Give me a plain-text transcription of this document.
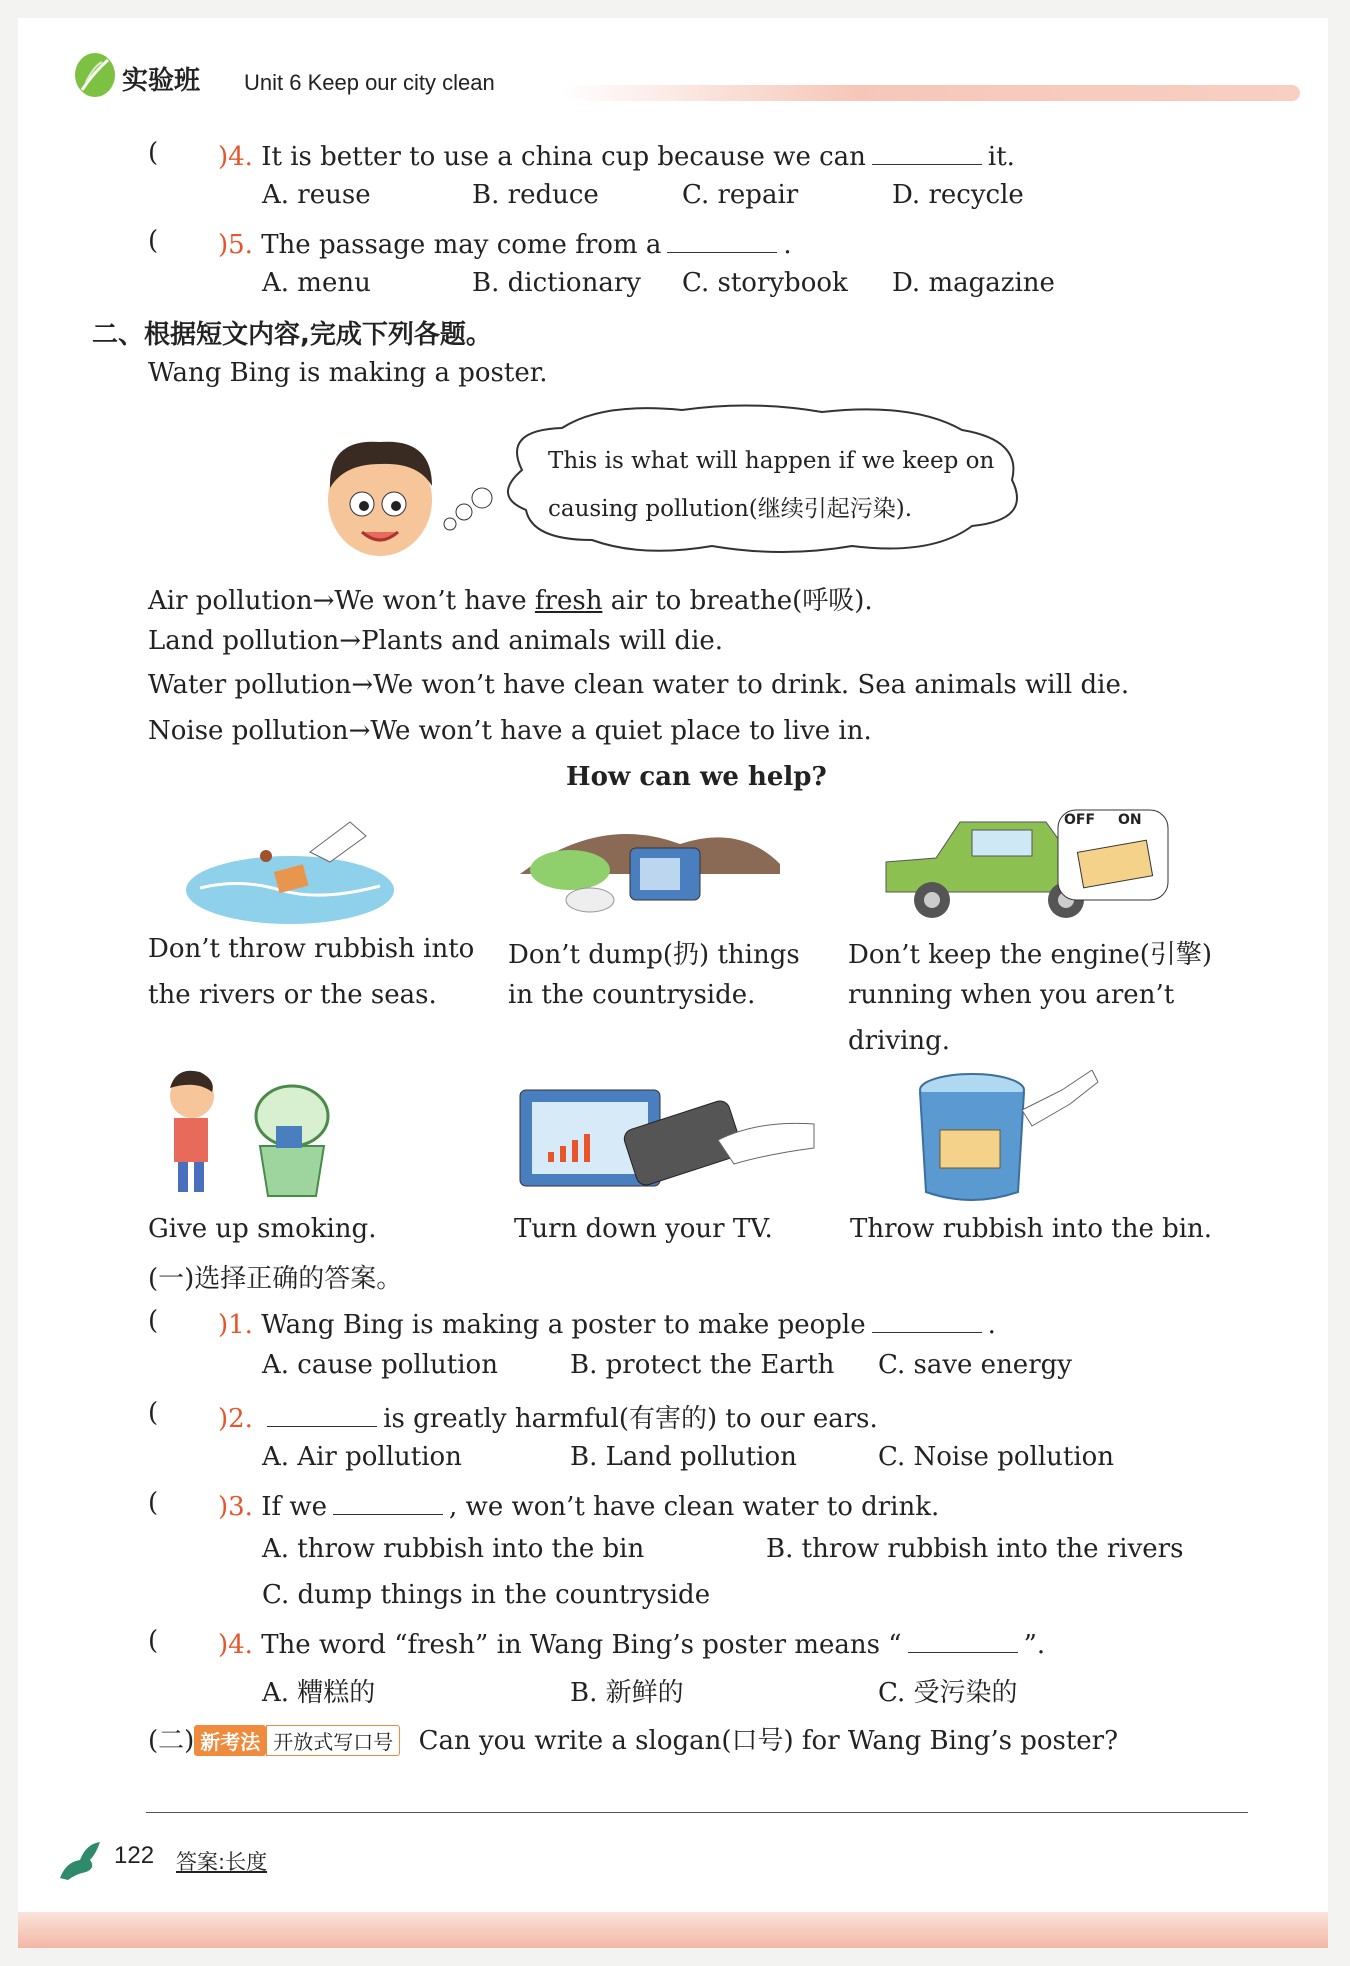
实验班 Unit 6 Keep our city clean
( )4. It is better to use a china cup because we can	it.
A. reuse	B. reduce	C. repair	D. recycle
( )5. The passage may come from a	.
A. menu	B. dictionary C. storybook D. magazine
二、根据短文内容,完成下列各题。
Wang Bing is making a poster.
This is what will happen if we keep on
causing pollution(继续引起污染).
Air pollution→We won’t have fresh air to breathe(呼吸).
Land pollution→Plants and animals will die.
Water pollution→We won’t have clean water to drink. Sea animals will die.
Noise pollution→We won’t have a quiet place to live in.
How can we help?
OFF ON
Don’t throw rubbish into
the rivers or the seas.
Don’t dump(扔) things
in the countryside.
Don’t keep the engine(引擎)
running when you aren’t
driving.
Give up smoking.	Turn down your TV.	Throw rubbish into the bin.
(一)选择正确的答案。
( )1. Wang Bing is making a poster to make people	.
A. cause pollution	B. protect the Earth C. save energy
( )2.	is greatly harmful(有害的) to our ears.
A. Air pollution	B. Land pollution	C. Noise pollution
( )3. If we	, we won’t have clean water to drink.
A. throw rubbish into the bin	B. throw rubbish into the rivers
C. dump things in the countryside
( )4. The word “fresh” in Wang Bing’s poster means “	”.
A. 糟糕的	B. 新鲜的	C. 受污染的
(二) 新考法 开放式写口号 Can you write a slogan(口号) for Wang Bing’s poster?
122 答案:长度
